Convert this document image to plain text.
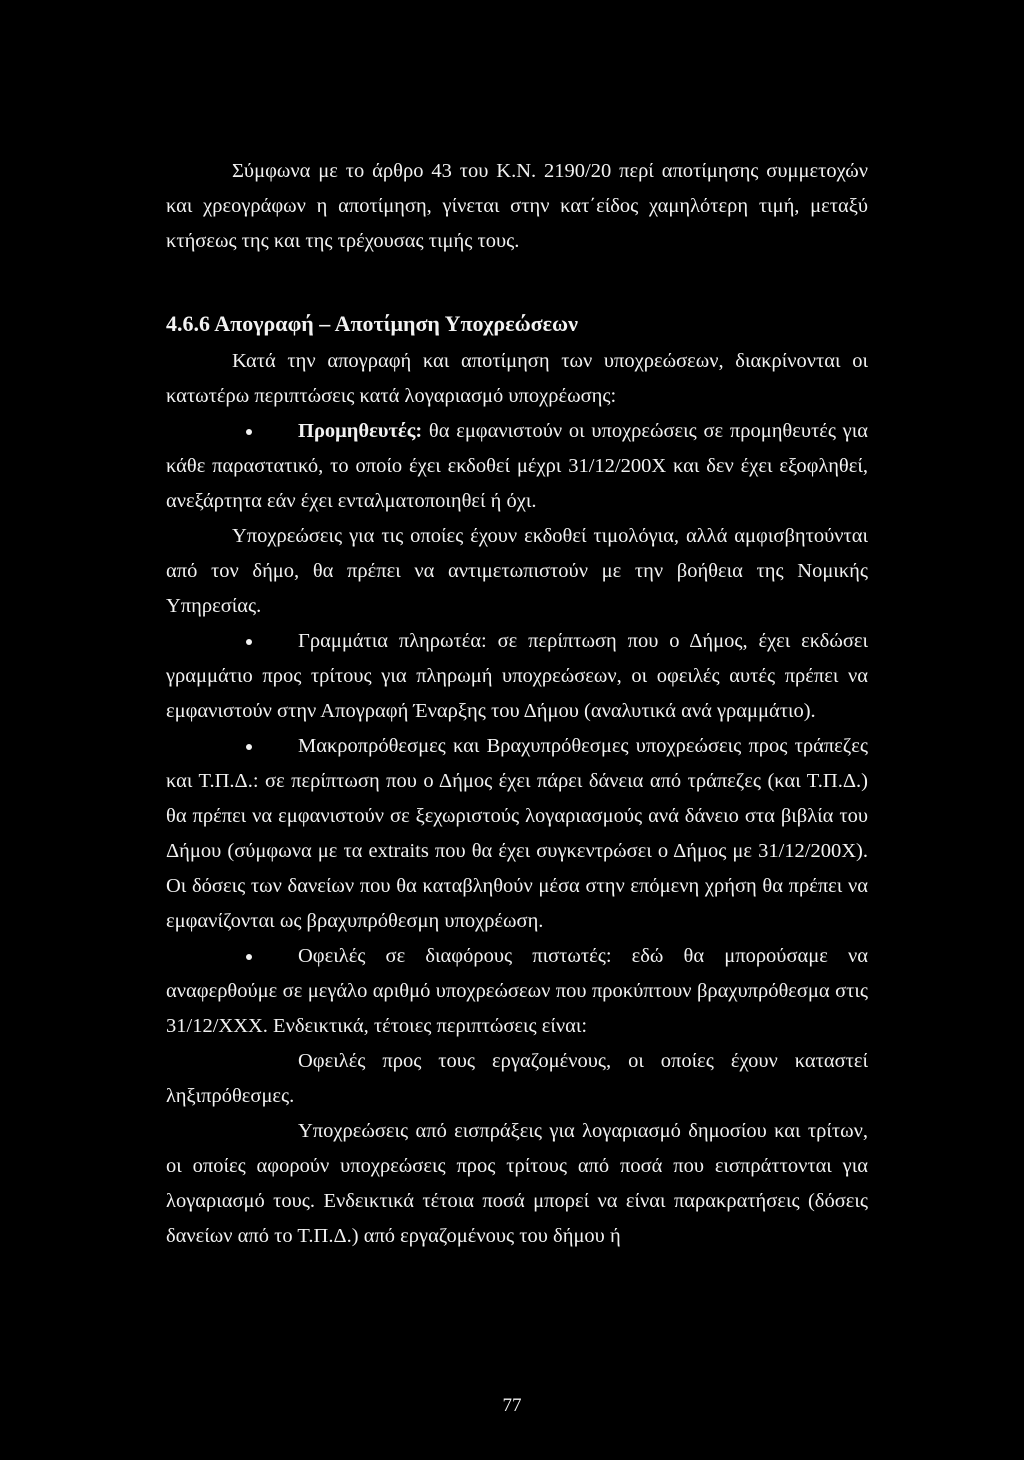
Σύμφωνα με το άρθρο 43 του Κ.Ν. 2190/20 περί αποτίμησης συμμετοχών και χρεογράφων η αποτίμηση, γίνεται στην κατ΄είδος χαμηλότερη τιμή, μεταξύ κτήσεως της και της τρέχουσας τιμής τους.

4.6.6 Απογραφή – Αποτίμηση Υποχρεώσεων

Κατά την απογραφή και αποτίμηση των υποχρεώσεων, διακρίνονται οι κατωτέρω περιπτώσεις κατά λογαριασμό υποχρέωσης:

Προμηθευτές: θα εμφανιστούν οι υποχρεώσεις σε προμηθευτές για κάθε παραστατικό, το οποίο έχει εκδοθεί μέχρι 31/12/200Χ και δεν έχει εξοφληθεί, ανεξάρτητα εάν έχει ενταλματοποιηθεί ή όχι.

Υποχρεώσεις για τις οποίες έχουν εκδοθεί τιμολόγια, αλλά αμφισβητούνται από τον δήμο, θα πρέπει να αντιμετωπιστούν με την βοήθεια της Νομικής Υπηρεσίας.

Γραμμάτια πληρωτέα: σε περίπτωση που ο Δήμος, έχει εκδώσει γραμμάτιο προς τρίτους για πληρωμή υποχρεώσεων, οι οφειλές αυτές πρέπει να εμφανιστούν στην Απογραφή Έναρξης του Δήμου (αναλυτικά ανά γραμμάτιο).

Μακροπρόθεσμες και Βραχυπρόθεσμες υποχρεώσεις προς τράπεζες και Τ.Π.Δ.: σε περίπτωση που ο Δήμος έχει πάρει δάνεια από τράπεζες (και Τ.Π.Δ.) θα πρέπει να εμφανιστούν σε ξεχωριστούς λογαριασμούς ανά δάνειο στα βιβλία του Δήμου (σύμφωνα με τα extraits που θα έχει συγκεντρώσει ο Δήμος με 31/12/200Χ). Οι δόσεις των δανείων που θα καταβληθούν μέσα στην επόμενη χρήση θα πρέπει να εμφανίζονται ως βραχυπρόθεσμη υποχρέωση.

Οφειλές σε διαφόρους πιστωτές: εδώ θα μπορούσαμε να αναφερθούμε σε μεγάλο αριθμό υποχρεώσεων που προκύπτουν βραχυπρόθεσμα στις 31/12/ΧΧΧ. Ενδεικτικά, τέτοιες περιπτώσεις είναι:

Οφειλές προς τους εργαζομένους, οι οποίες έχουν καταστεί ληξιπρόθεσμες.

Υποχρεώσεις από εισπράξεις για λογαριασμό δημοσίου και τρίτων, οι οποίες αφορούν υποχρεώσεις προς τρίτους από ποσά που εισπράττονται για λογαριασμό τους. Ενδεικτικά τέτοια ποσά μπορεί να είναι παρακρατήσεις (δόσεις δανείων από το Τ.Π.Δ.) από εργαζομένους του δήμου ή

77
